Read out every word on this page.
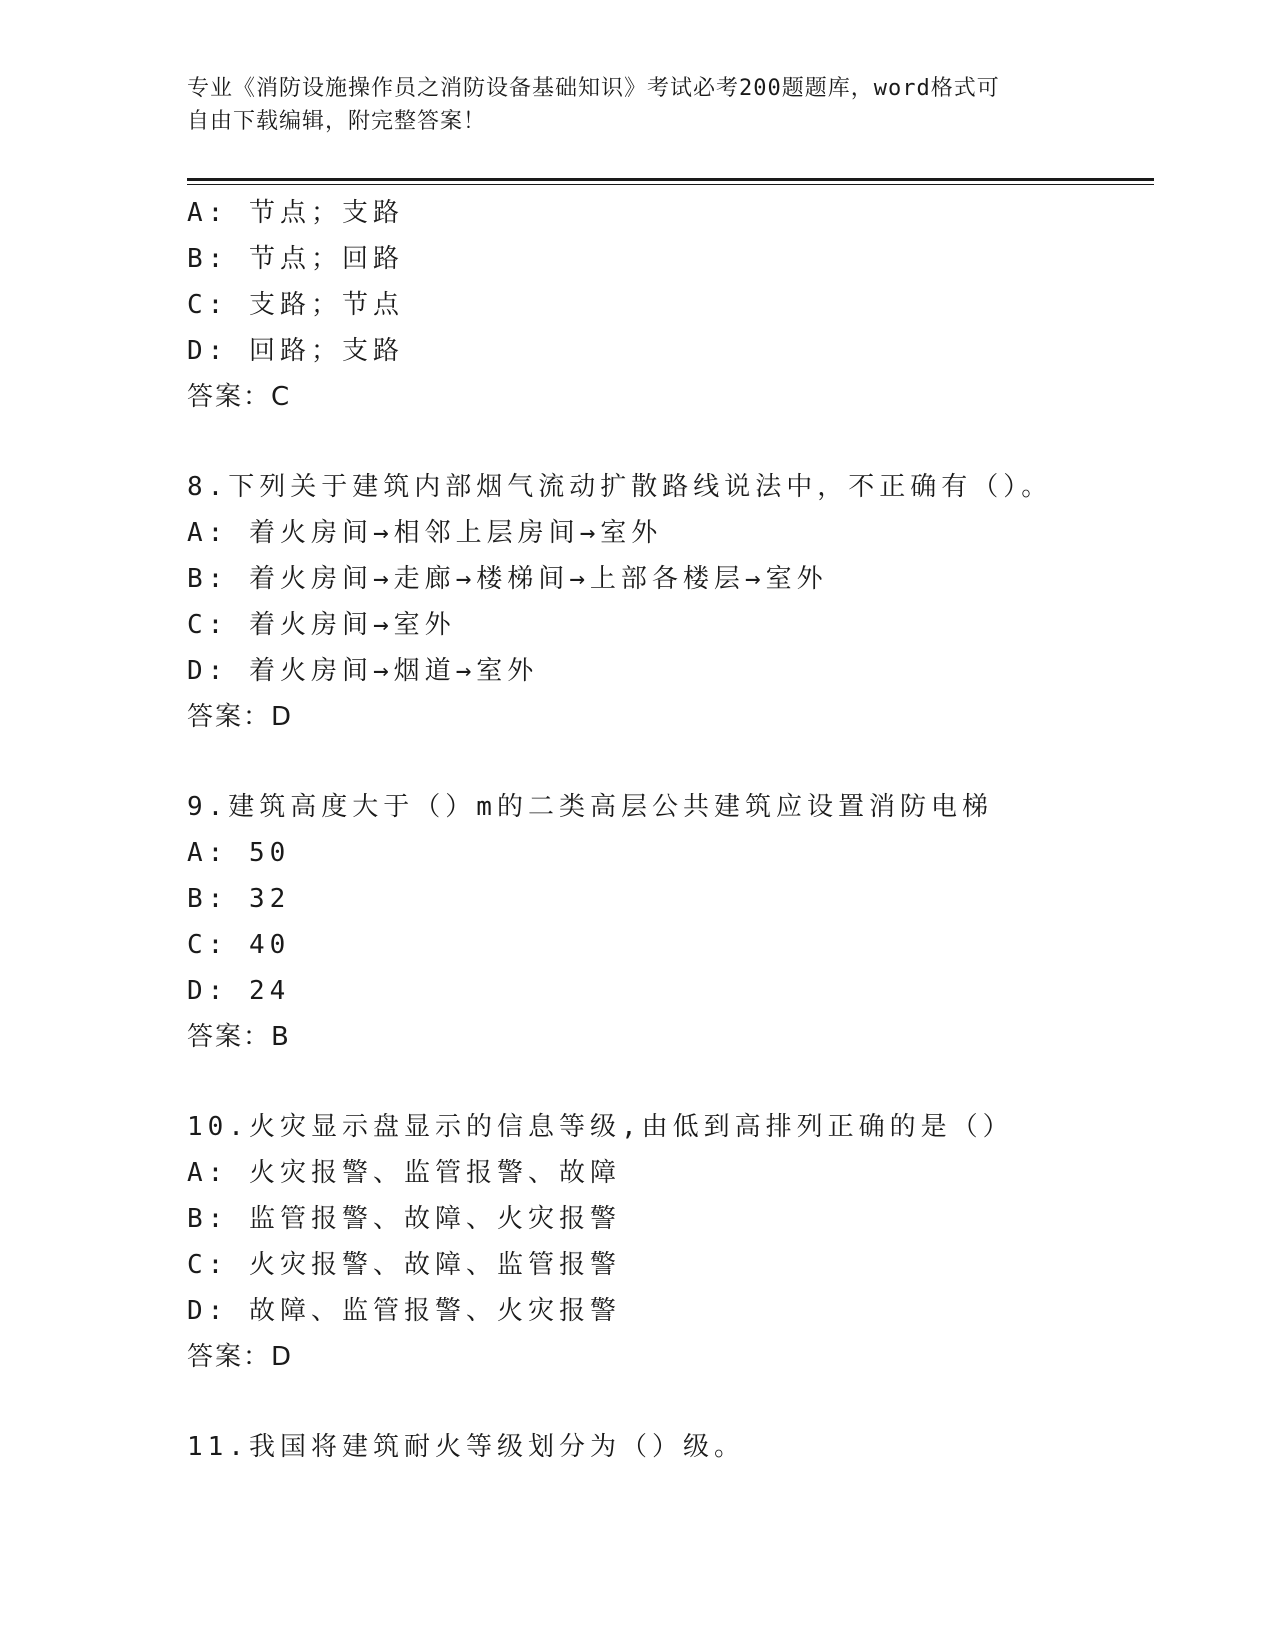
专业《消防设施操作员之消防设备基础知识》考试必考200题题库，word格式可
自由下载编辑，附完整答案！
A: 节点；支路
B: 节点；回路
C: 支路；节点
D: 回路；支路
答案：C
8.下列关于建筑内部烟气流动扩散路线说法中，不正确有（）。
A: 着火房间→相邻上层房间→室外
B: 着火房间→走廊→楼梯间→上部各楼层→室外
C: 着火房间→室外
D: 着火房间→烟道→室外
答案：D
9.建筑高度大于（）m的二类高层公共建筑应设置消防电梯
A: 50
B: 32
C: 40
D: 24
答案：B
10.火灾显示盘显示的信息等级,由低到高排列正确的是（）
A: 火灾报警、监管报警、故障
B: 监管报警、故障、火灾报警
C: 火灾报警、故障、监管报警
D: 故障、监管报警、火灾报警
答案：D
11.我国将建筑耐火等级划分为（）级。
